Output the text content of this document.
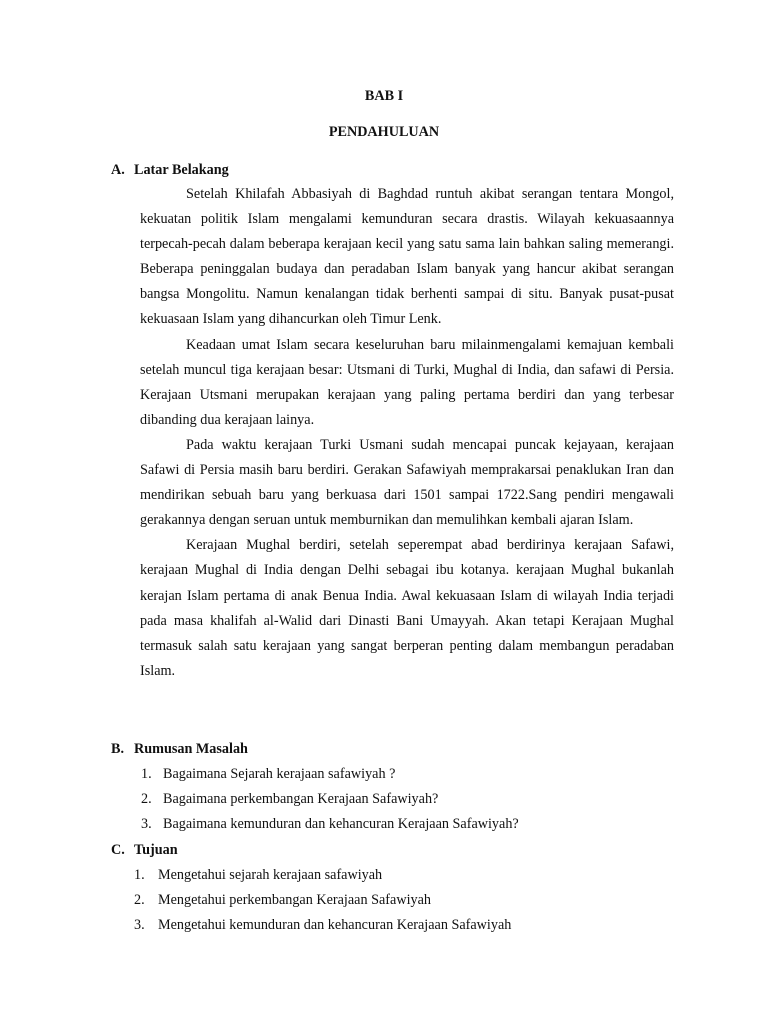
BAB I

PENDAHULUAN

A. Latar Belakang

Setelah Khilafah Abbasiyah di Baghdad runtuh akibat serangan tentara Mongol, kekuatan politik Islam mengalami kemunduran secara drastis. Wilayah kekuasaannya terpecah-pecah dalam beberapa kerajaan kecil yang satu sama lain bahkan saling memerangi. Beberapa peninggalan budaya dan peradaban Islam banyak yang hancur akibat serangan bangsa Mongolitu. Namun kenalangan tidak berhenti sampai di situ. Banyak pusat-pusat kekuasaan Islam yang dihancurkan oleh Timur Lenk.

Keadaan umat Islam secara keseluruhan baru milainmengalami kemajuan kembali setelah muncul tiga kerajaan besar: Utsmani di Turki, Mughal di India, dan safawi di Persia. Kerajaan Utsmani merupakan kerajaan yang paling pertama berdiri dan yang terbesar dibanding dua kerajaan lainya.

Pada waktu kerajaan Turki Usmani sudah mencapai puncak kejayaan, kerajaan Safawi di Persia masih baru berdiri. Gerakan Safawiyah memprakarsai penaklukan Iran dan mendirikan sebuah baru yang berkuasa dari 1501 sampai 1722.Sang pendiri mengawali gerakannya dengan seruan untuk memburnikan dan memulihkan kembali ajaran Islam.

Kerajaan Mughal berdiri, setelah seperempat abad berdirinya kerajaan Safawi, kerajaan Mughal di India dengan Delhi sebagai ibu kotanya. kerajaan Mughal bukanlah kerajan Islam pertama di anak Benua India. Awal kekuasaan Islam di wilayah India terjadi pada masa khalifah al-Walid dari Dinasti Bani Umayyah. Akan tetapi Kerajaan Mughal termasuk salah satu kerajaan yang sangat berperan penting dalam membangun peradaban Islam.

B. Rumusan Masalah

1. Bagaimana Sejarah kerajaan safawiyah ?
2. Bagaimana perkembangan Kerajaan Safawiyah?
3. Bagaimana kemunduran dan kehancuran Kerajaan Safawiyah?

C. Tujuan

1. Mengetahui sejarah kerajaan safawiyah
2. Mengetahui perkembangan Kerajaan Safawiyah
3. Mengetahui kemunduran dan kehancuran Kerajaan Safawiyah
